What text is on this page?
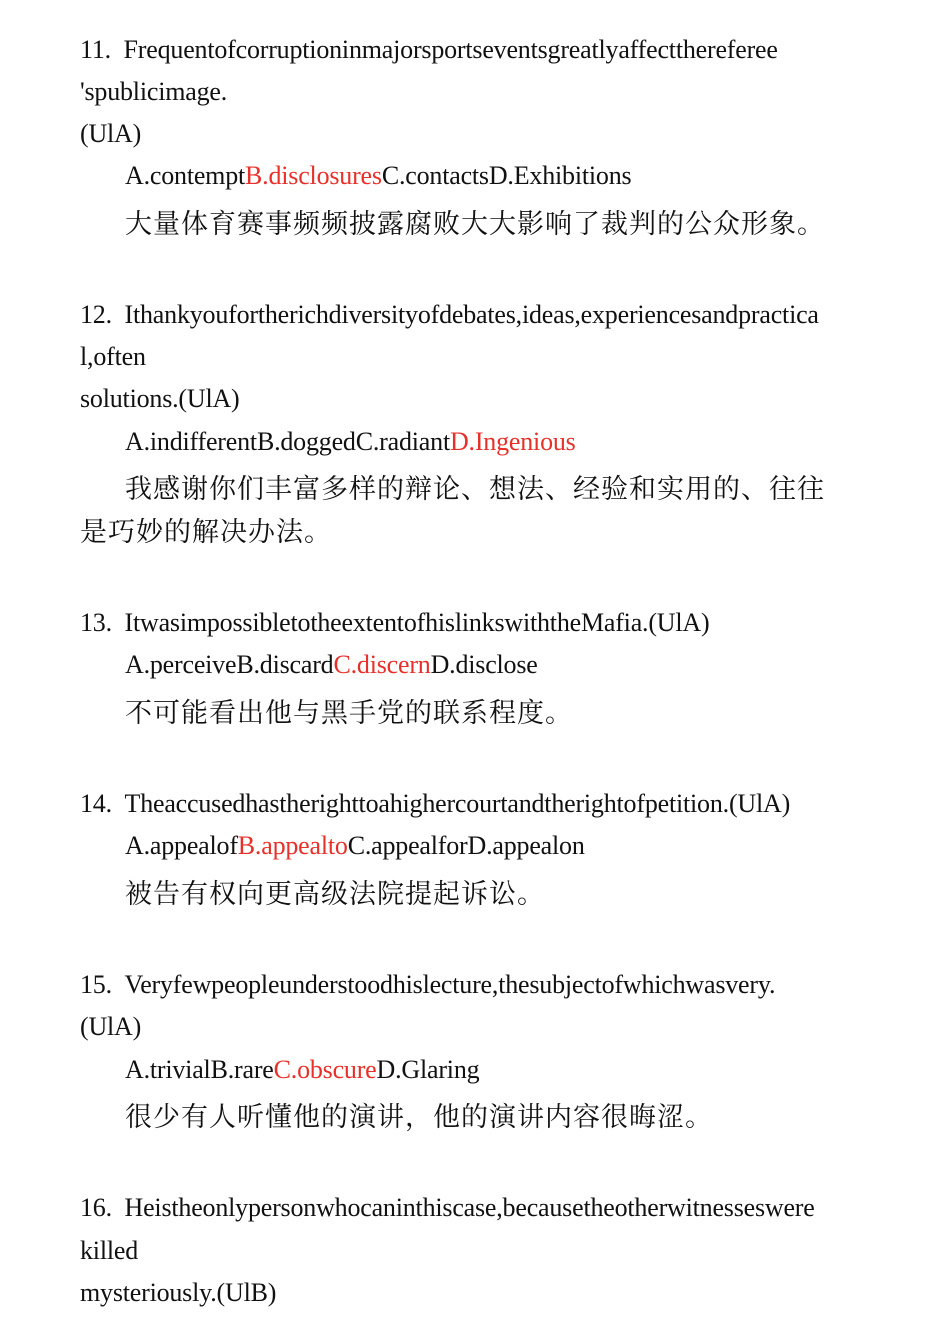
11. Frequentofcorruptioninmajorsportseventsgreatlyaffectthereferee
'spublicimage.
(UlA)
A.contemptB.disclosuresC.contactsD.Exhibitions
大量体育赛事频频披露腐败大大影响了裁判的公众形象。
12. Ithankyoufortherichdiversityofdebates,ideas,experiencesandpractica
l,often
solutions.(UlA)
A.indifferentB.doggedC.radiantD.Ingenious
我感谢你们丰富多样的辩论、想法、经验和实用的、往往
是巧妙的解决办法。
13. ItwasimpossibletotheextentofhislinkswiththeMafia.(UlA)
A.perceiveB.discardC.discernD.disclose
不可能看出他与黑手党的联系程度。
14. Theaccusedhastherighttoahighercourtandtherightofpetition.(UlA)
A.appealofB.appealtoC.appealforD.appealon
被告有权向更高级法院提起诉讼。
15. Veryfewpeopleunderstoodhislecture,thesubjectofwhichwasvery.
(UlA)
A.trivialB.rareC.obscureD.Glaring
很少有人听懂他的演讲，他的演讲内容很晦涩。
16. Heistheonlypersonwhocaninthiscase,becausetheotherwitnesseswere
killed
mysteriously.(UlB)
